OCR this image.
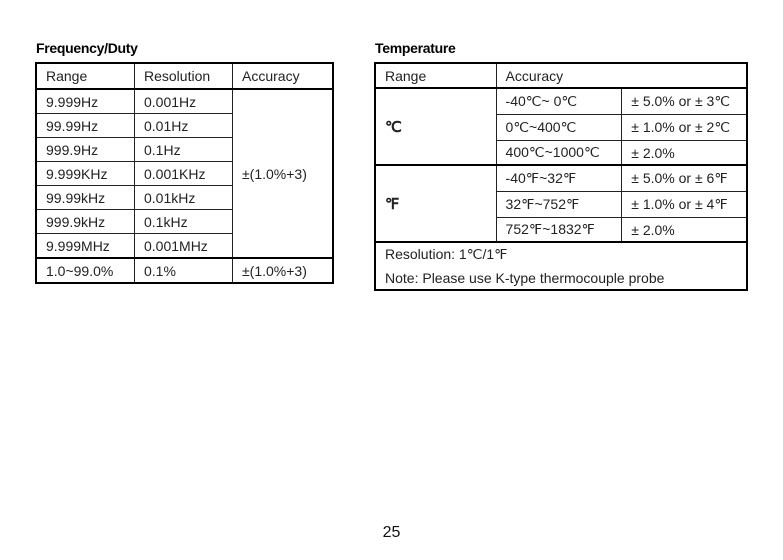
Frequency/Duty	Temperature
Range	Resolution	Accuracy
9.999Hz	0.001Hz	±(1.0%+3)
99.99Hz	0.01Hz	
999.9Hz	0.1Hz	
9.999KHz	0.001KHz	
99.99kHz	0.01kHz	
999.9kHz	0.1kHz	
9.999MHz	0.001MHz	
1.0~99.0%	0.1%	±(1.0%+3)
Range	Accuracy	
℃	-40℃~ 0℃	± 5.0% or ± 3℃
	0℃~400℃	± 1.0% or ± 2℃
	400℃~1000℃	± 2.0%
℉	-40℉~32℉	± 5.0% or ± 6℉
	32℉~752℉	± 1.0% or ± 4℉
	752℉~1832℉	± 2.0%
Resolution: 1℃/1℉		
Note: Please use K-type thermocouple probe		
25
